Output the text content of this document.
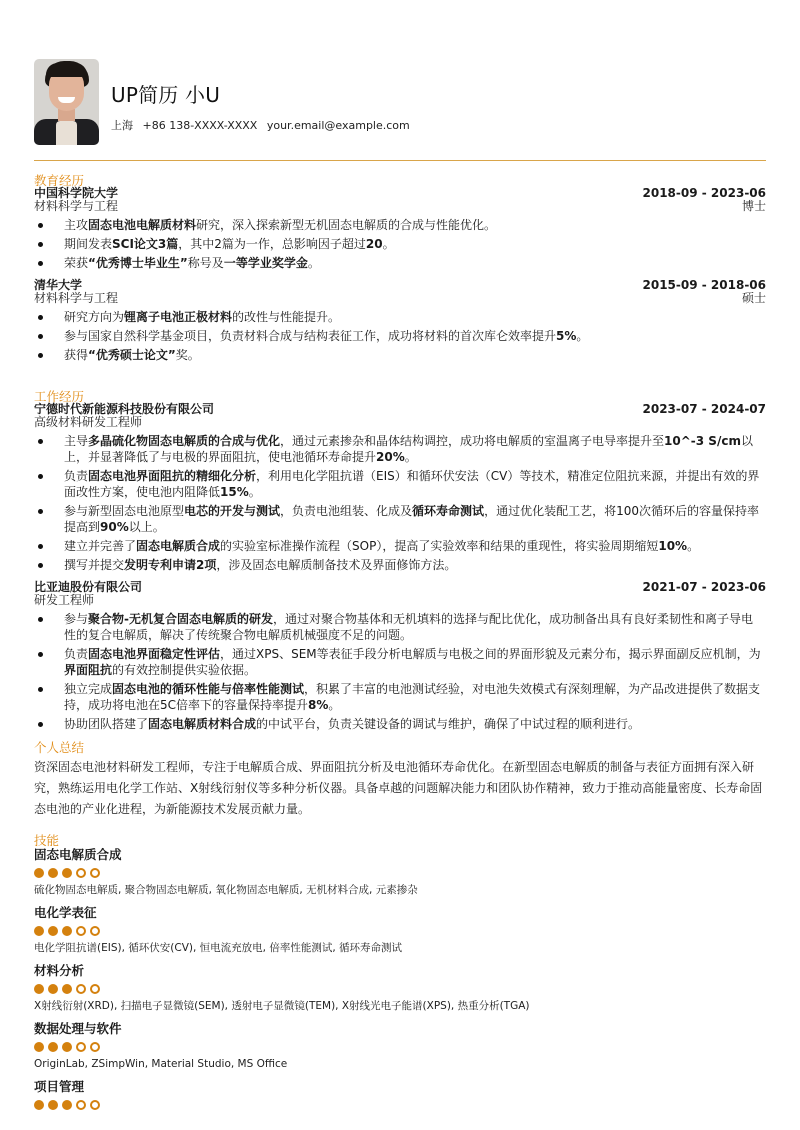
UP简历 小U
上海 +86 138-XXXX-XXXX your.email@example.com
教育经历
中国科学院大学	2018-09 - 2023-06
材料科学与工程	博士
主攻固态电池电解质材料研究，深入探索新型无机固态电解质的合成与性能优化。
期间发表SCI论文3篇，其中2篇为一作，总影响因子超过20。
荣获“优秀博士毕业生”称号及一等学业奖学金。
清华大学	2015-09 - 2018-06
材料科学与工程	硕士
研究方向为锂离子电池正极材料的改性与性能提升。
参与国家自然科学基金项目，负责材料合成与结构表征工作，成功将材料的首次库仑效率提升5%。
获得“优秀硕士论文”奖。
工作经历
宁德时代新能源科技股份有限公司	2023-07 - 2024-07
高级材料研发工程师
主导多晶硫化物固态电解质的合成与优化，通过元素掺杂和晶体结构调控，成功将电解质的室温离子电导率提升至10^-3 S/cm以上，并显著降低了与电极的界面阻抗，使电池循环寿命提升20%。
负责固态电池界面阻抗的精细化分析，利用电化学阻抗谱（EIS）和循环伏安法（CV）等技术，精准定位阻抗来源，并提出有效的界面改性方案，使电池内阻降低15%。
参与新型固态电池原型电芯的开发与测试，负责电池组装、化成及循环寿命测试，通过优化装配工艺，将100次循环后的容量保持率提高到90%以上。
建立并完善了固态电解质合成的实验室标准操作流程（SOP），提高了实验效率和结果的重现性，将实验周期缩短10%。
撰写并提交发明专利申请2项，涉及固态电解质制备技术及界面修饰方法。
比亚迪股份有限公司	2021-07 - 2023-06
研发工程师
参与聚合物-无机复合固态电解质的研发，通过对聚合物基体和无机填料的选择与配比优化，成功制备出具有良好柔韧性和离子导电性的复合电解质，解决了传统聚合物电解质机械强度不足的问题。
负责固态电池界面稳定性评估，通过XPS、SEM等表征手段分析电解质与电极之间的界面形貌及元素分布，揭示界面副反应机制，为界面阻抗的有效控制提供实验依据。
独立完成固态电池的循环性能与倍率性能测试，积累了丰富的电池测试经验，对电池失效模式有深刻理解，为产品改进提供了数据支持，成功将电池在5C倍率下的容量保持率提升8%。
协助团队搭建了固态电解质材料合成的中试平台，负责关键设备的调试与维护，确保了中试过程的顺利进行。
个人总结
资深固态电池材料研发工程师，专注于电解质合成、界面阻抗分析及电池循环寿命优化。在新型固态电解质的制备与表征方面拥有深入研究，熟练运用电化学工作站、X射线衍射仪等多种分析仪器。具备卓越的问题解决能力和团队协作精神，致力于推动高能量密度、长寿命固态电池的产业化进程，为新能源技术发展贡献力量。
技能
固态电解质合成
硫化物固态电解质, 聚合物固态电解质, 氧化物固态电解质, 无机材料合成, 元素掺杂
电化学表征
电化学阻抗谱(EIS), 循环伏安(CV), 恒电流充放电, 倍率性能测试, 循环寿命测试
材料分析
X射线衍射(XRD), 扫描电子显微镜(SEM), 透射电子显微镜(TEM), X射线光电子能谱(XPS), 热重分析(TGA)
数据处理与软件
OriginLab, ZSimpWin, Material Studio, MS Office
项目管理
